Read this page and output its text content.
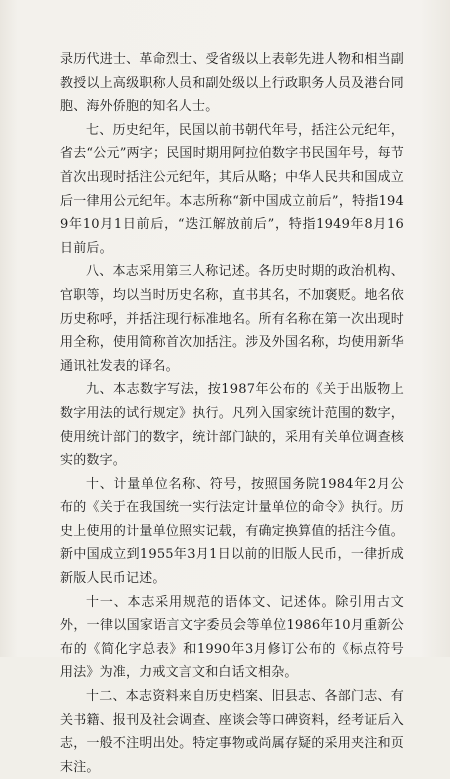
录历代进士、革命烈士、受省级以上表彰先进人物和相当副教授以上高级职称人员和副处级以上行政职务人员及港台同胞、海外侨胞的知名人士。

七、历史纪年，民国以前书朝代年号，括注公元纪年，省去“公元”两字；民国时期用阿拉伯数字书民国年号，每节首次出现时括注公元纪年，其后从略；中华人民共和国成立后一律用公元纪年。本志所称“新中国成立前后”，特指1949年10月1日前后，“迭江解放前后”，特指1949年8月16日前后。

八、本志采用第三人称记述。各历史时期的政治机构、官职等，均以当时历史名称，直书其名，不加褒贬。地名依历史称呼，并括注现行标准地名。所有名称在第一次出现时用全称，使用简称首次加括注。涉及外国名称，均使用新华通讯社发表的译名。

九、本志数字写法，按1987年公布的《关于出版物上数字用法的试行规定》执行。凡列入国家统计范围的数字，使用统计部门的数字，统计部门缺的，采用有关单位调查核实的数字。

十、计量单位名称、符号，按照国务院1984年2月公布的《关于在我国统一实行法定计量单位的命令》执行。历史上使用的计量单位照实记载，有确定换算值的括注今值。新中国成立到1955年3月1日以前的旧版人民币，一律折成新版人民币记述。

十一、本志采用规范的语体文、记述体。除引用古文外，一律以国家语言文字委员会等单位1986年10月重新公布的《简化字总表》和1990年3月修订公布的《标点符号用法》为准，力戒文言文和白话文相杂。

十二、本志资料来自历史档案、旧县志、各部门志、有关书籍、报刊及社会调查、座谈会等口碑资料，经考证后入志，一般不注明出处。特定事物或尚属存疑的采用夹注和页末注。
